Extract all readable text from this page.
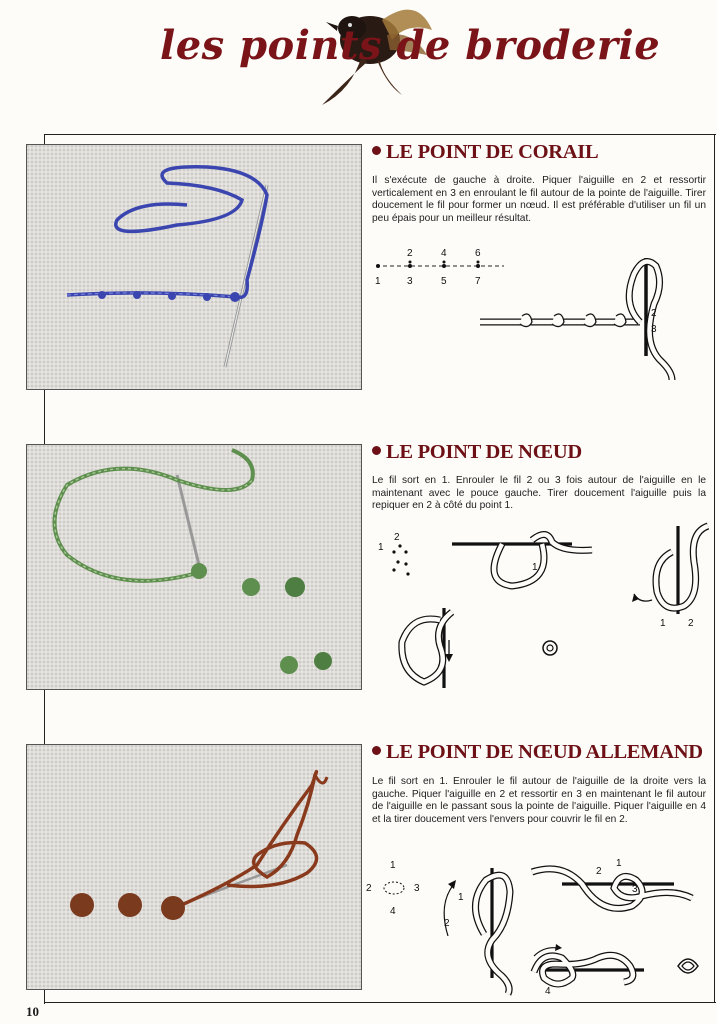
les points de broderie
LE POINT DE CORAIL
Il s'exécute de gauche à droite. Piquer l'aiguille en 2 et ressortir verticalement en 3 en enroulant le fil autour de la pointe de l'aiguille. Tirer doucement le fil pour former un nœud. Il est préférable d'utiliser un fil un peu épais pour un meilleur résultat.
2	4	6
1	3	5	7
2
3
LE POINT DE NŒUD
Le fil sort en 1. Enrouler le fil 2 ou 3 fois autour de l'aiguille en le maintenant avec le pouce gauche. Tirer doucement l'aiguille puis la repiquer en 2 à côté du point 1.
1
2
1
1 2
LE POINT DE NŒUD ALLEMAND
Le fil sort en 1. Enrouler le fil autour de l'aiguille de la droite vers la gauche. Piquer l'aiguille en 2 et ressortir en 3 en maintenant le fil autour de l'aiguille en le passant sous la pointe de l'aiguille. Piquer l'aiguille en 4 et la tirer doucement vers l'envers pour couvrir le fil en 2.
1
2	3
4
1
2
2
1
3
4
10
